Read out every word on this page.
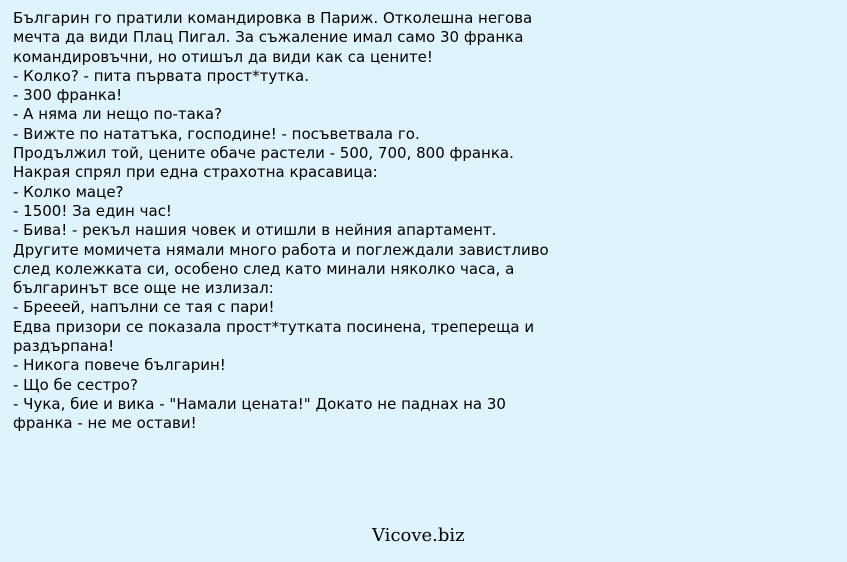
Българин го пратили командировка в Париж. Отколешна негова
мечта да види Плац Пигал. За съжаление имал само 30 франка
командировъчни, но отишъл да види как са цените!
- Колко? - пита първата прост*тутка.
- 300 франка!
- А няма ли нещо по-така?
- Вижте по нататъка, господине! - посъветвала го.
Продължил той, цените обаче растели - 500, 700, 800 франка.
Накрая спрял при една страхотна красавица:
- Колко маце?
- 1500! За един час!
- Бива! - рекъл нашия човек и отишли в нейния апартамент.
Другите момичета нямали много работа и поглеждали завистливо
след колежката си, особено след като минали няколко часа, а
българинът все още не излизал:
- Брееей, напълни се тая с пари!
Едва призори се показала прост*тутката посинена, трепереща и
раздърпана!
- Никога повече българин!
- Що бе сестро?
- Чука, бие и вика - "Намали цената!" Докато не паднах на 30
франка - не ме остави!
Vicove.biz
